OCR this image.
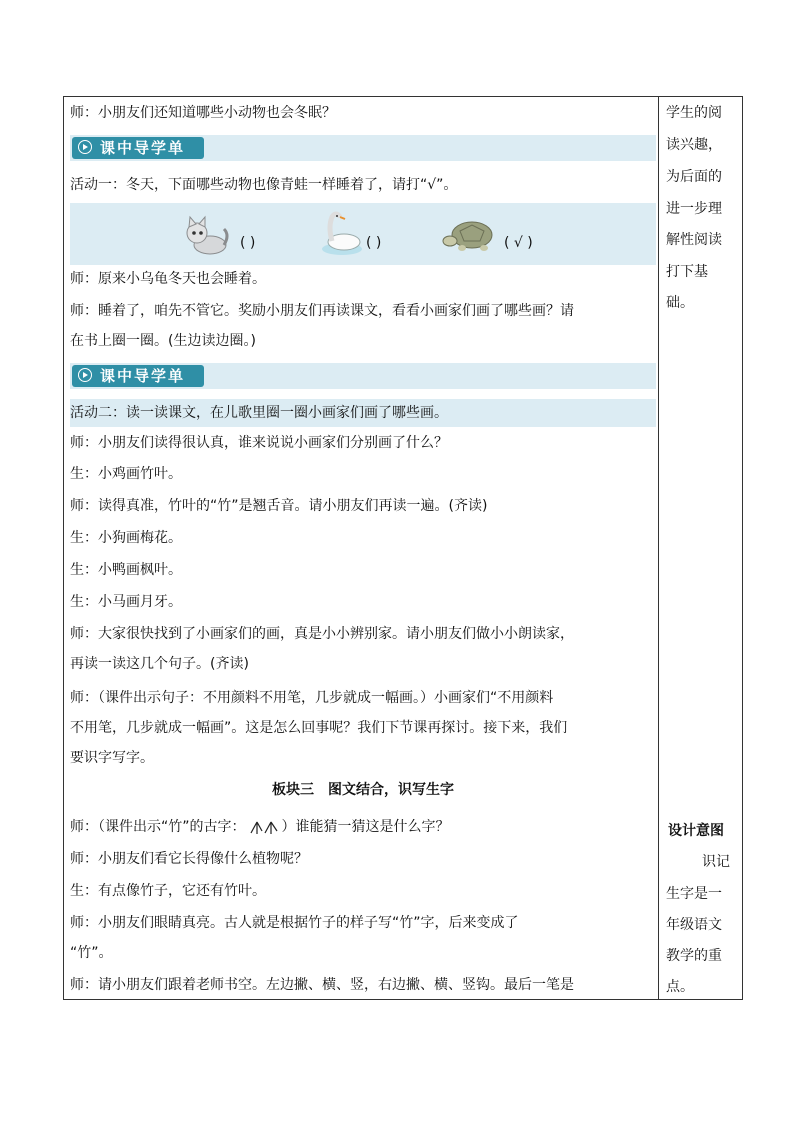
师：小朋友们还知道哪些小动物也会冬眠？
课中导学单
活动一：冬天，下面哪些动物也像青蛙一样睡着了，请打“√”。
( )	( )	( √ )
师：原来小乌龟冬天也会睡着。
师：睡着了，咱先不管它。奖励小朋友们再读课文，看看小画家们画了哪些画？请
在书上圈一圈。(生边读边圈。)
课中导学单
活动二：读一读课文，在儿歌里圈一圈小画家们画了哪些画。
师：小朋友们读得很认真，谁来说说小画家们分别画了什么？
生：小鸡画竹叶。
师：读得真准，竹叶的“竹”是翘舌音。请小朋友们再读一遍。(齐读)
生：小狗画梅花。
生：小鸭画枫叶。
生：小马画月牙。
师：大家很快找到了小画家们的画，真是小小辨别家。请小朋友们做小小朗读家，
再读一读这几个句子。(齐读)
师：（课件出示句子：不用颜料不用笔，几步就成一幅画。）小画家们“不用颜料
不用笔，几步就成一幅画”。这是怎么回事呢？我们下节课再探讨。接下来，我们
要识字写字。
板块三　图文结合，识写生字
师：（课件出示“竹”的古字：	）谁能猜一猜这是什么字？
师：小朋友们看它长得像什么植物呢？
生：有点像竹子，它还有竹叶。
师：小朋友们眼睛真亮。古人就是根据竹子的样子写“竹”字，后来变成了
“竹”。
师：请小朋友们跟着老师书空。左边撇、横、竖，右边撇、横、竖钩。最后一笔是
学生的阅
读兴趣，
为后面的
进一步理
解性阅读
打下基
础。
设计意图
识记
生字是一
年级语文
教学的重
点。
